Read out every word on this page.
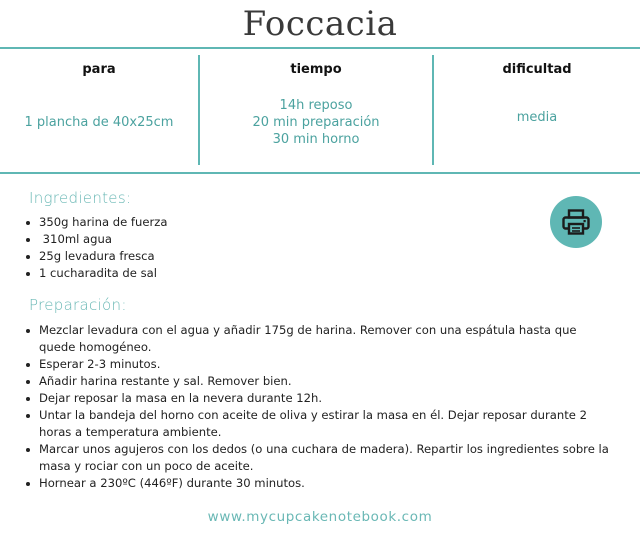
Foccacia
para
1 plancha de 40x25cm
tiempo
14h reposo
20 min preparación
30 min horno
dificultad
media
Ingredientes:
350g harina de fuerza
310ml agua
25g levadura fresca
1 cucharadita de sal
Preparación:
Mezclar levadura con el agua y añadir 175g de harina. Remover con una espátula hasta que quede homogéneo.
Esperar 2-3 minutos.
Añadir harina restante y sal. Remover bien.
Dejar reposar la masa en la nevera durante 12h.
Untar la bandeja del horno con aceite de oliva y estirar la masa en él. Dejar reposar durante 2 horas a temperatura ambiente.
Marcar unos agujeros con los dedos (o una cuchara de madera). Repartir los ingredientes sobre la masa y rociar con un poco de aceite.
Hornear a 230ºC (446ºF) durante 30 minutos.
www.mycupcakenotebook.com
